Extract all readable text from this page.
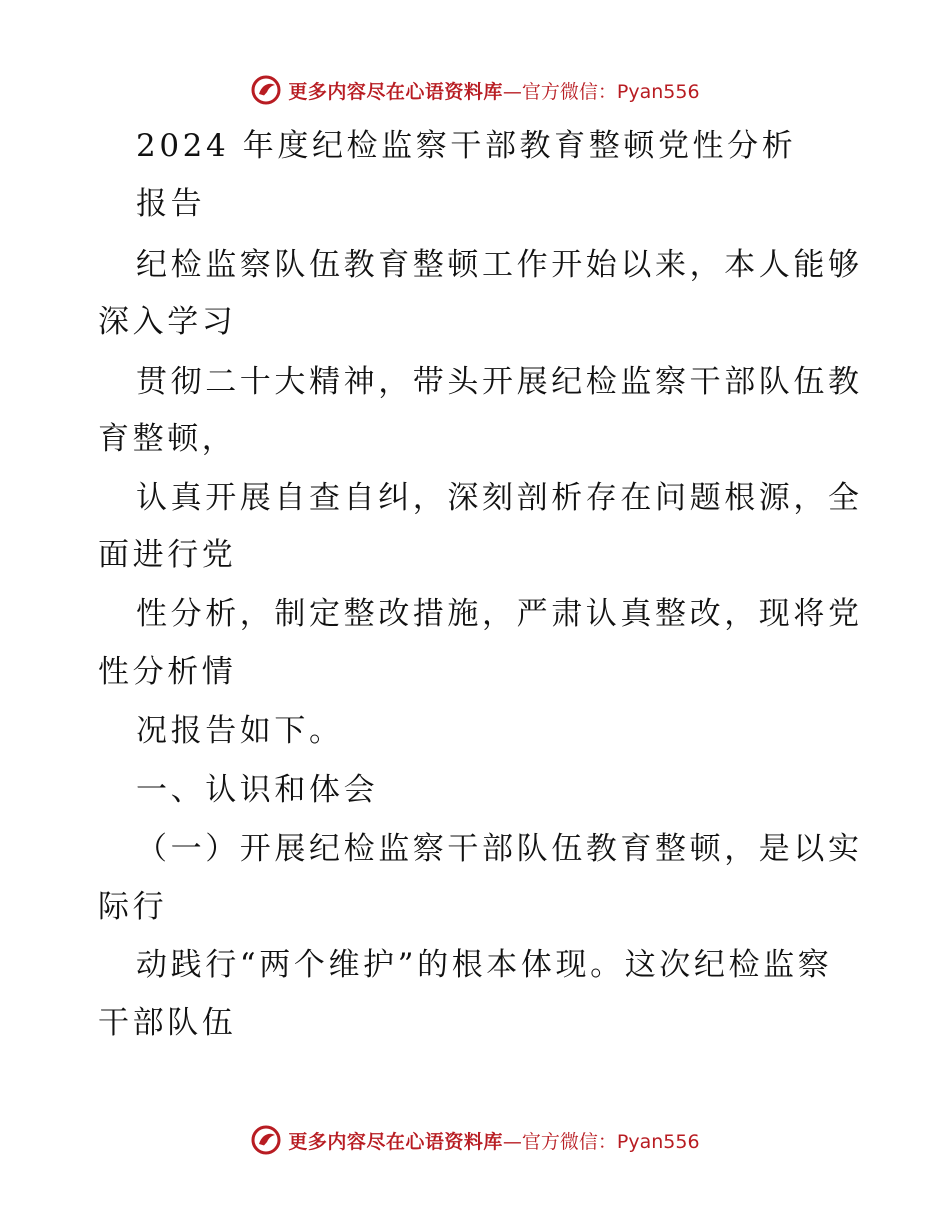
更多内容尽在心语资料库 —官方微信：Pyan556
2024 年度纪检监察干部教育整顿党性分析
报告
纪检监察队伍教育整顿工作开始以来，本人能够
深入学习
贯彻二十大精神，带头开展纪检监察干部队伍教
育整顿，
认真开展自查自纠，深刻剖析存在问题根源，全
面进行党
性分析，制定整改措施，严肃认真整改，现将党
性分析情
况报告如下。
一、认识和体会
（一）开展纪检监察干部队伍教育整顿，是以实
际行
动践行“两个维护”的根本体现。这次纪检监察
干部队伍
更多内容尽在心语资料库 —官方微信：Pyan556
